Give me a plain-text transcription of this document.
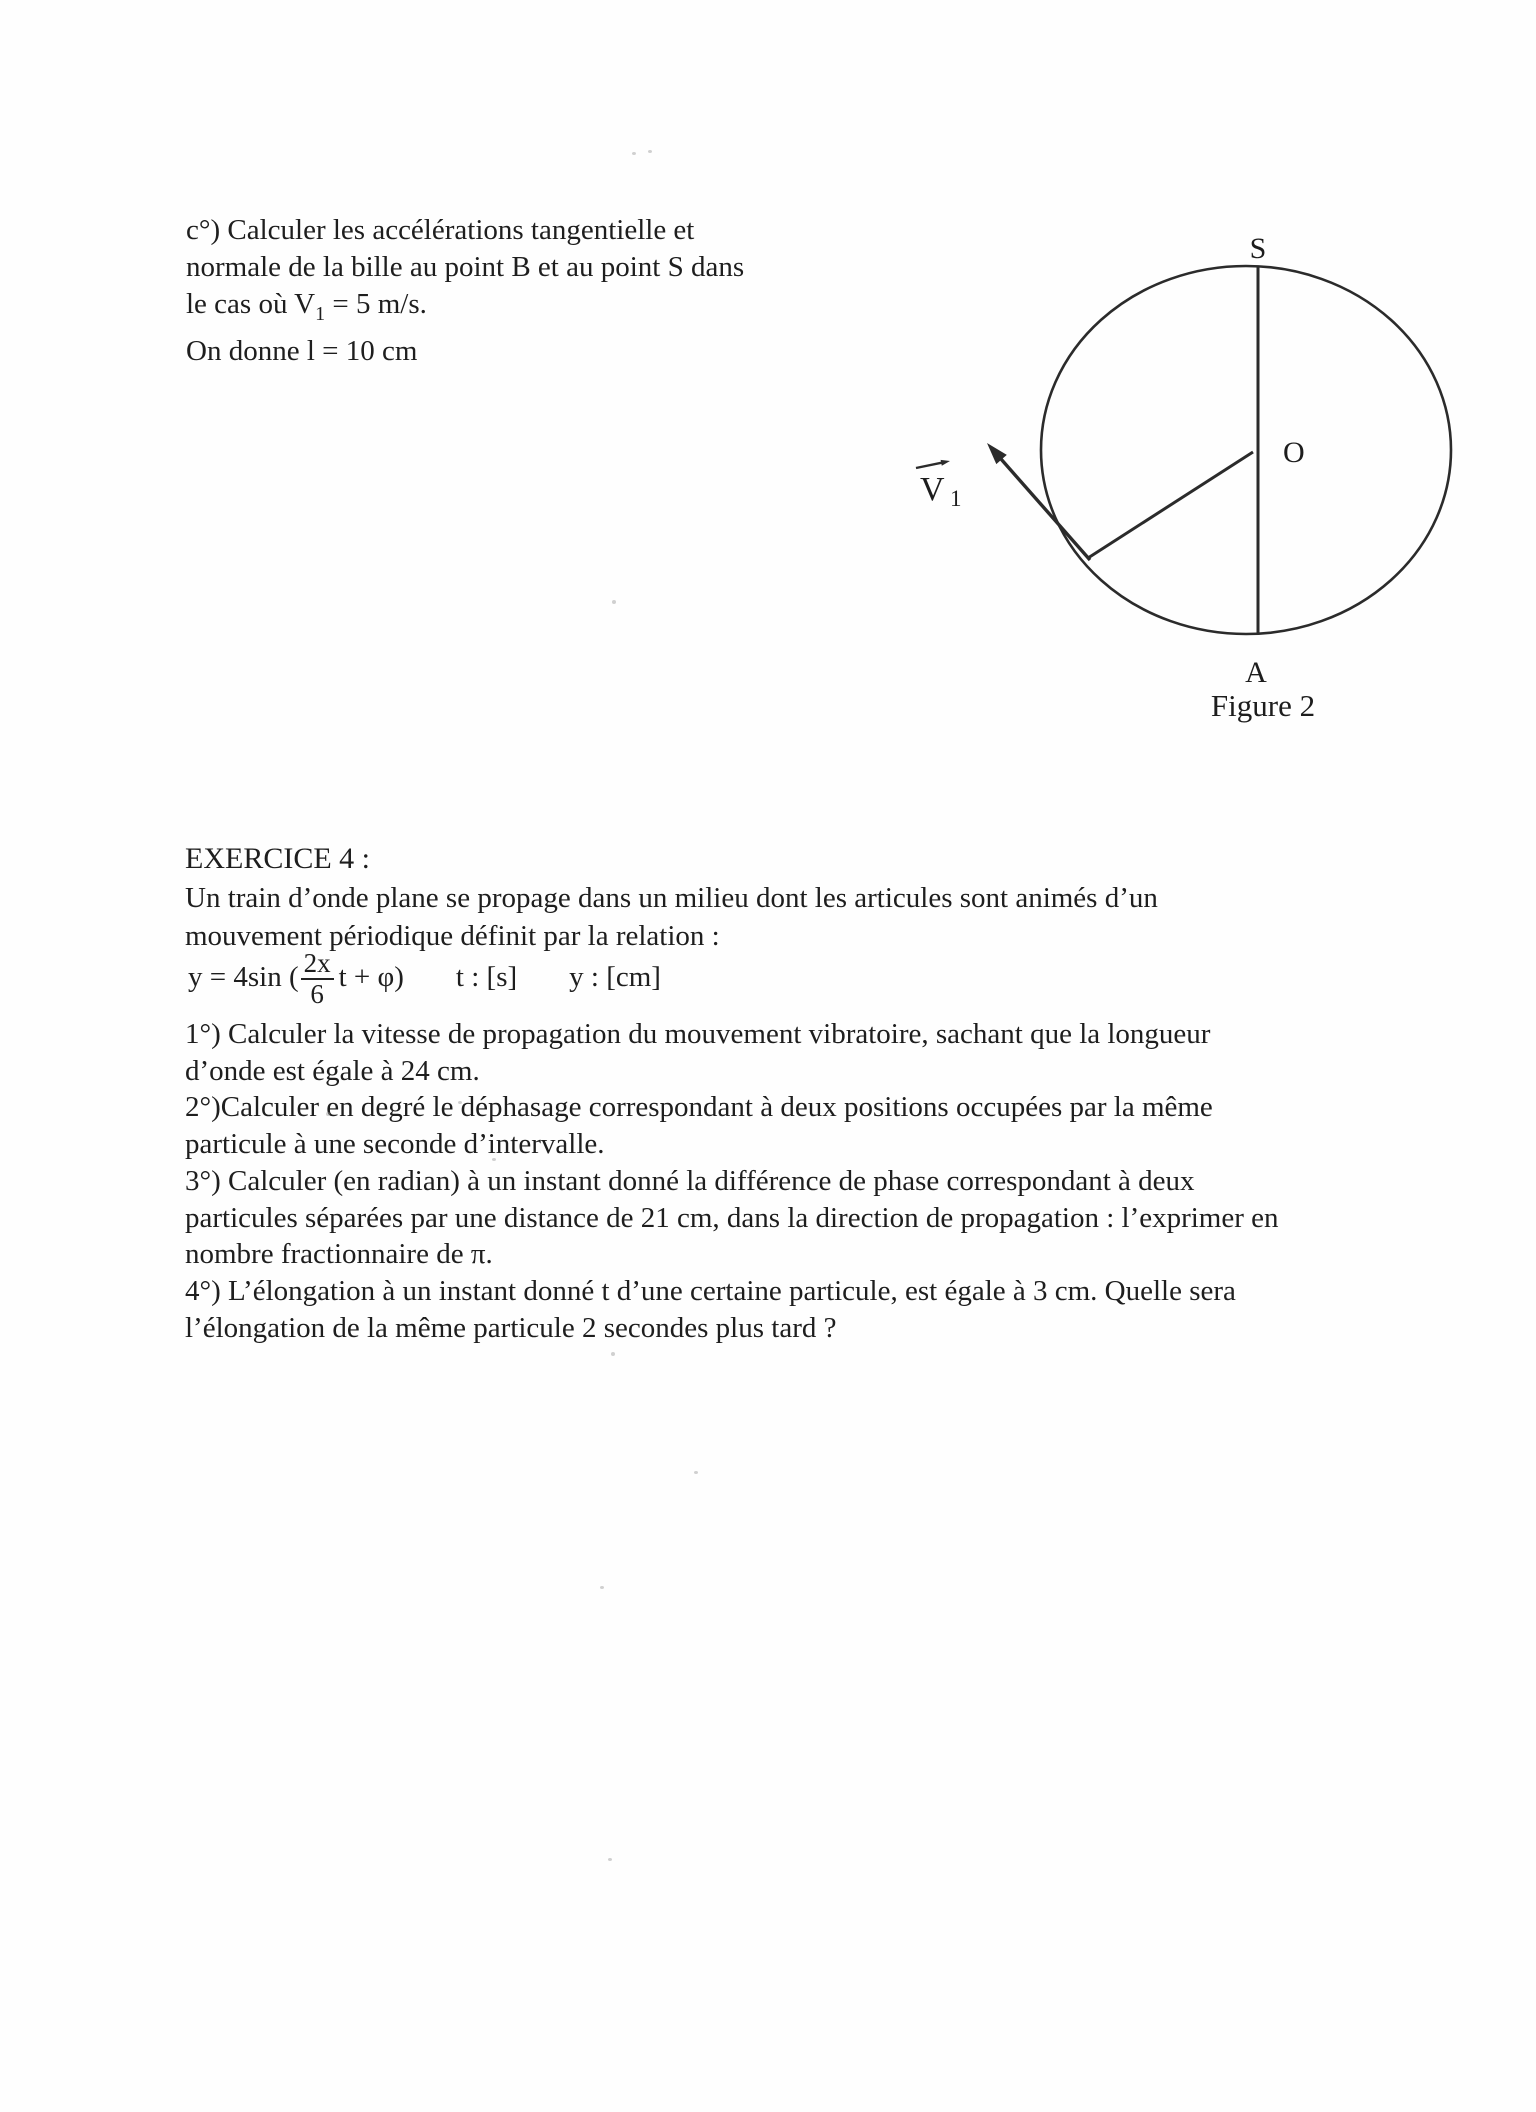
c°) Calculer les accélérations tangentielle et
normale de la bille au point B et au point S dans
le cas où $V_1 = 5$ m/s.
On donne l = 10 cm
S
O
A
V 1
Figure 2
EXERCICE 4 :
Un train d’onde plane se propage dans un milieu dont les articules sont animés d’un
mouvement périodique définit par la relation :
y = 4sin ( $\frac{2x}{6}$ t + φ) t : [s] y : [cm]
1°) Calculer la vitesse de propagation du mouvement vibratoire, sachant que la longueur
d’onde est égale à 24 cm.
2°)Calculer en degré le déphasage correspondant à deux positions occupées par la même
particule à une seconde d’intervalle.
3°) Calculer (en radian) à un instant donné la différence de phase correspondant à deux
particules séparées par une distance de 21 cm, dans la direction de propagation : l’exprimer en
nombre fractionnaire de π.
4°) L’élongation à un instant donné t d’une certaine particule, est égale à 3 cm. Quelle sera
l’élongation de la même particule 2 secondes plus tard ?
